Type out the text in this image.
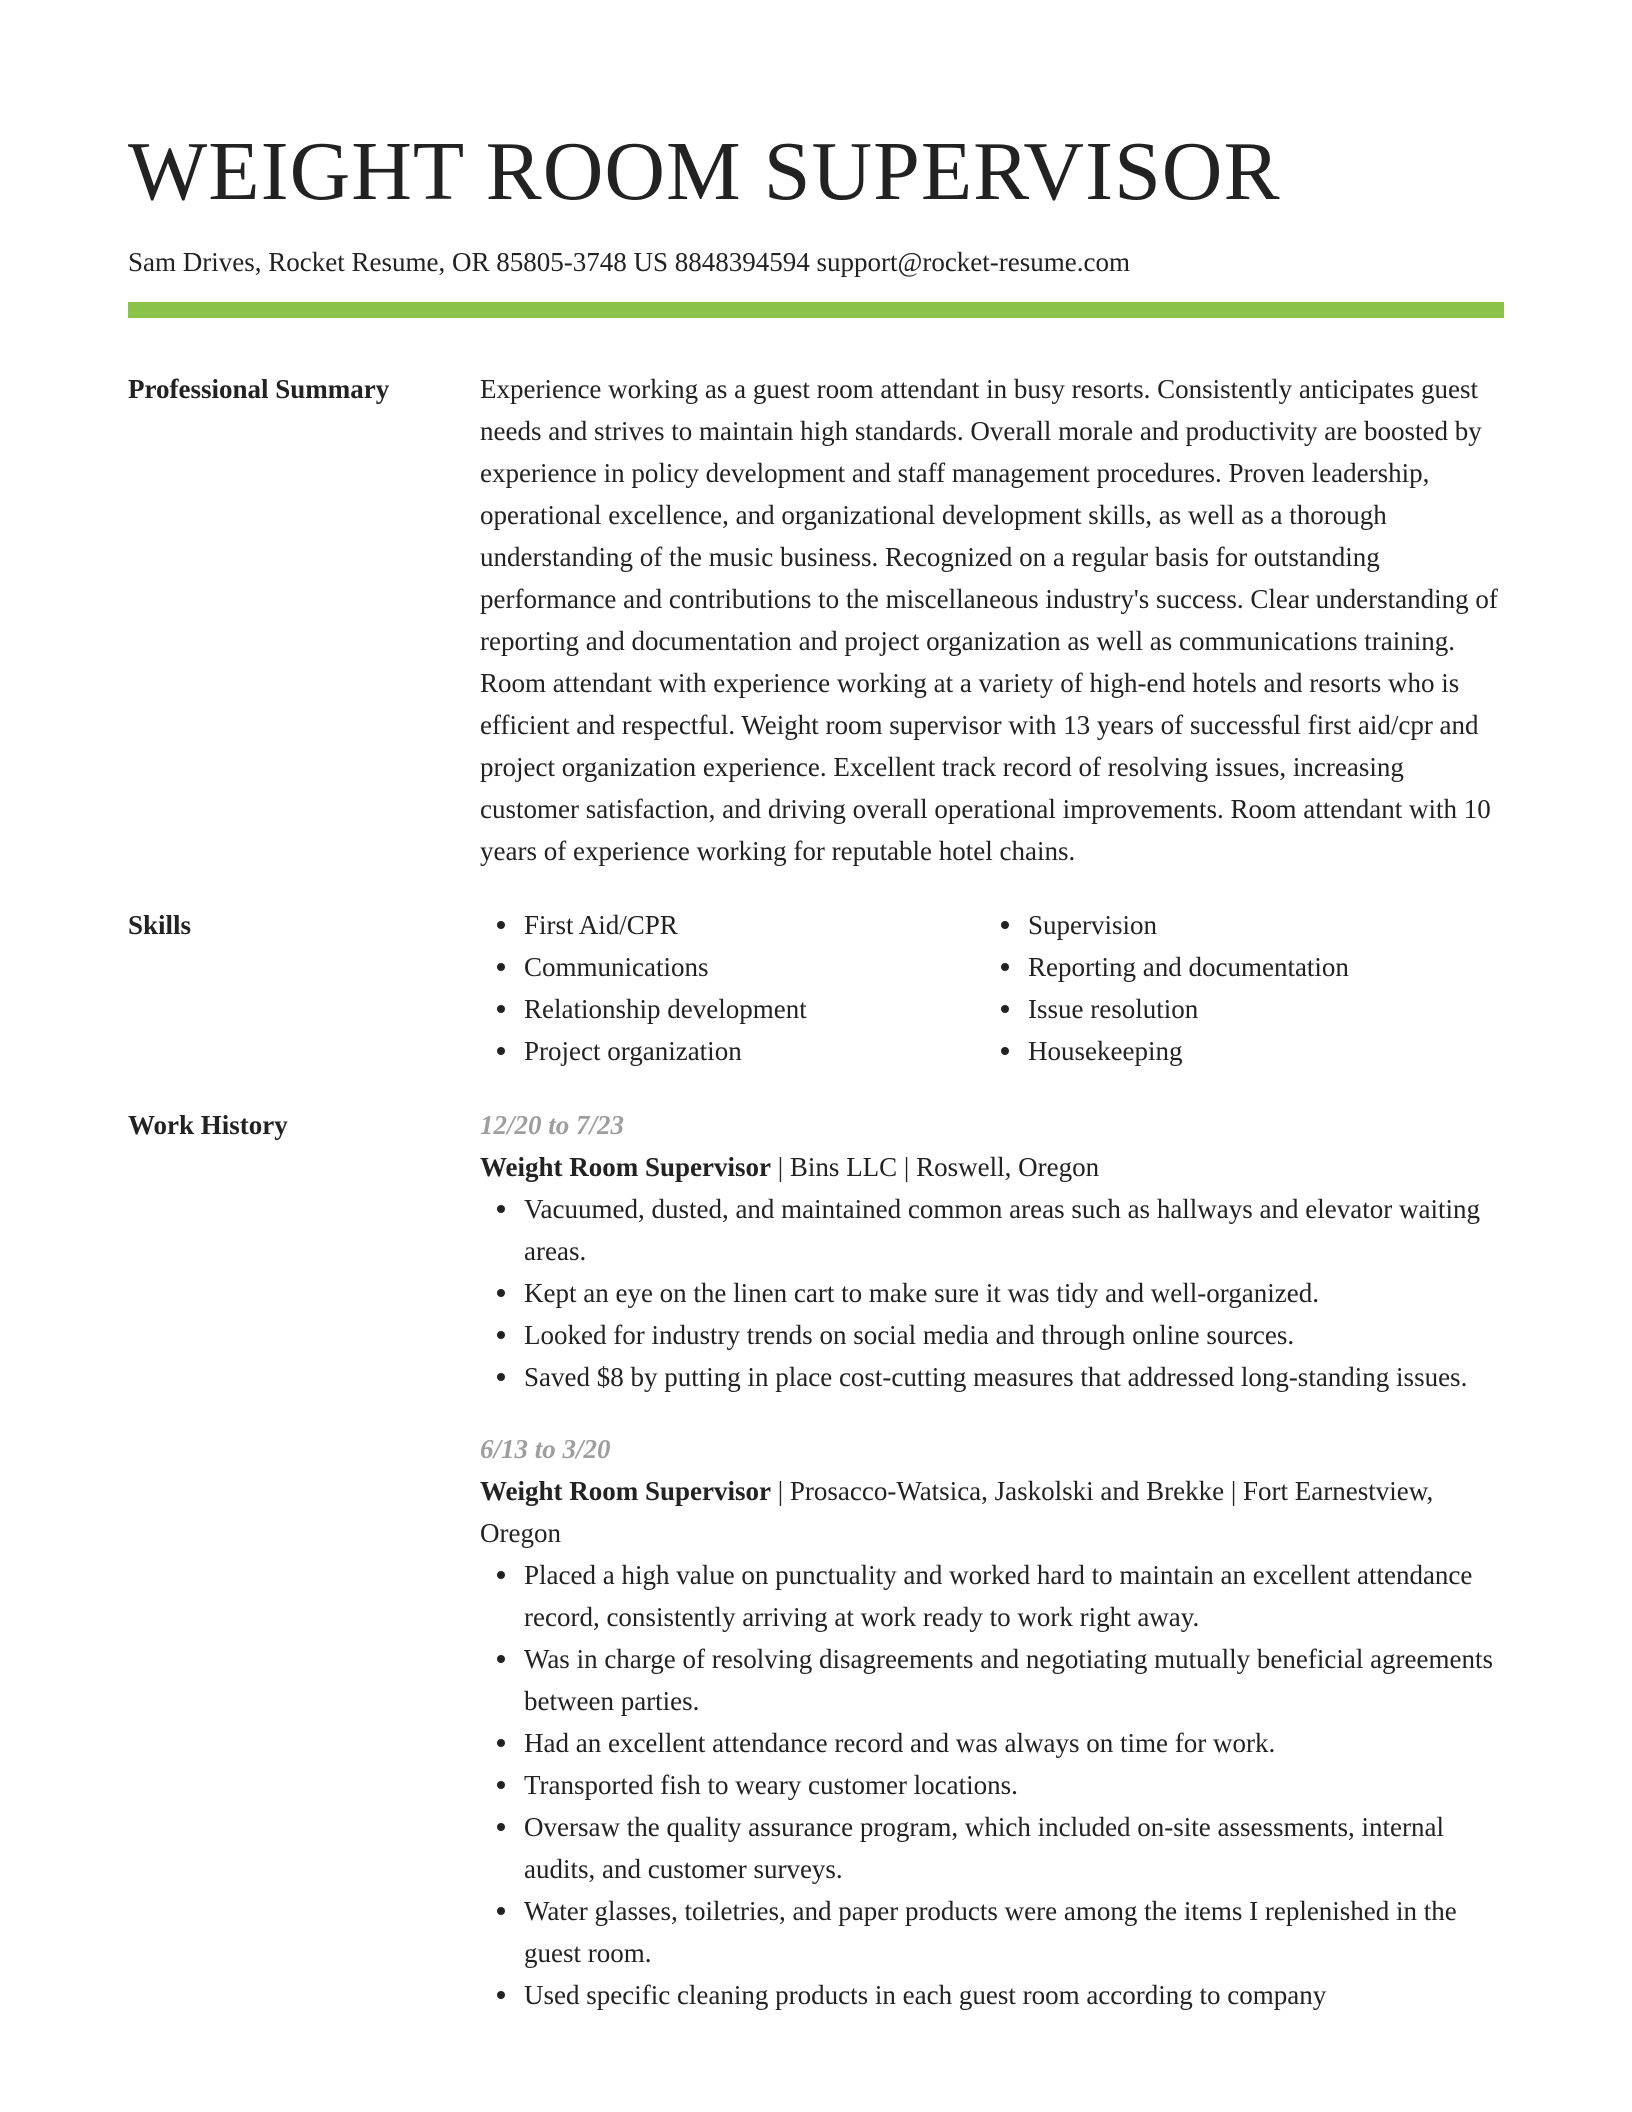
WEIGHT ROOM SUPERVISOR
Sam Drives, Rocket Resume, OR 85805-3748 US 8848394594 support@rocket-resume.com
Professional Summary	Experience working as a guest room attendant in busy resorts. Consistently anticipates guest needs and strives to maintain high standards. Overall morale and productivity are boosted by experience in policy development and staff management procedures. Proven leadership, operational excellence, and organizational development skills, as well as a thorough understanding of the music business. Recognized on a regular basis for outstanding performance and contributions to the miscellaneous industry's success. Clear understanding of reporting and documentation and project organization as well as communications training. Room attendant with experience working at a variety of high-end hotels and resorts who is efficient and respectful. Weight room supervisor with 13 years of successful first aid/cpr and project organization experience. Excellent track record of resolving issues, increasing customer satisfaction, and driving overall operational improvements. Room attendant with 10 years of experience working for reputable hotel chains.

Skills	First Aid/CPR
Communications
Relationship development
Project organization
Supervision
Reporting and documentation
Issue resolution
Housekeeping
Work History	12/20 to 7/23
Weight Room Supervisor | Bins LLC | Roswell, Oregon
Vacuumed, dusted, and maintained common areas such as hallways and elevator waiting areas.
Kept an eye on the linen cart to make sure it was tidy and well-organized.
Looked for industry trends on social media and through online sources.
Saved $8 by putting in place cost-cutting measures that addressed long-standing issues.
6/13 to 3/20
Weight Room Supervisor | Prosacco-Watsica, Jaskolski and Brekke | Fort Earnestview, Oregon
Placed a high value on punctuality and worked hard to maintain an excellent attendance record, consistently arriving at work ready to work right away.
Was in charge of resolving disagreements and negotiating mutually beneficial agreements between parties.
Had an excellent attendance record and was always on time for work.
Transported fish to weary customer locations.
Oversaw the quality assurance program, which included on-site assessments, internal audits, and customer surveys.
Water glasses, toiletries, and paper products were among the items I replenished in the guest room.
Used specific cleaning products in each guest room according to company
